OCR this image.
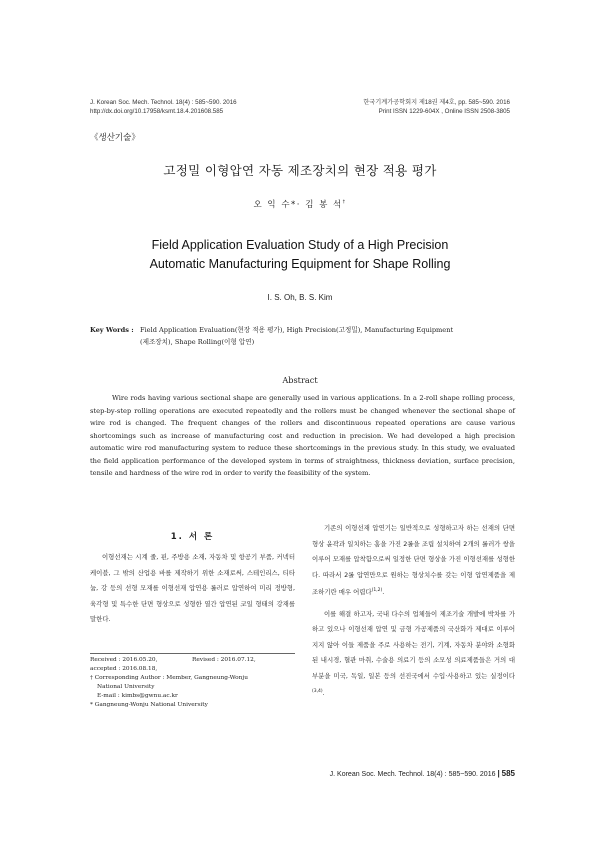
J. Korean Soc. Mech. Technol. 18(4) : 585~590. 2016
http://dx.doi.org/10.17958/ksmt.18.4.201608.585
한국기계가공학회지 제18권 제4호, pp. 585~590. 2016
Print ISSN 1229-604X , Online ISSN 2508-3805
《생산기술》
고정밀 이형압연 자동 제조장치의 현장 적용 평가
오 익 수*· 김 봉 석†
Field Application Evaluation Study of a High Precision
Automatic Manufacturing Equipment for Shape Rolling
I. S. Oh, B. S. Kim
Key Words : Field Application Evaluation(현장 적용 평가), High Precision(고정밀), Manufacturing Equipment
(제조장치), Shape Rolling(이형 압연)
Abstract

Wire rods having various sectional shape are generally used in various applications. In a 2-roll shape rolling process, step-by-step rolling operations are executed repeatedly and the rollers must be changed whenever the sectional shape of wire rod is changed. The frequent changes of the rollers and discontinuous repeated operations are cause various shortcomings such as increase of manufacturing cost and reduction in precision. We had developed a high precision automatic wire rod manufacturing system to reduce these shortcomings in the previous study. In this study, we evaluated the field application performance of the developed system in terms of straightness, thickness deviation, surface precision, tensile and hardness of the wire rod in order to verify the feasibility of the system.

1. 서 론

이형선재는 시계 줄, 핀, 주방용 소재, 자동차 및 항공기 부품, 커넥터 케이블, 그 밖의 산업용 바를 제작하기 위한 소재로써, 스테인리스, 티타늄, 강 등의 선형 모재를 이형선재 압연용 롤러로 압연하여 미리 정방형, 육각형 및 특수한 단면 형상으로 성형한 열간 압연된 코일 형태의 강재를 말한다.

Received : 2016.05.20,	Revised : 2016.07.12,
accepted : 2016.08.18,
† Corresponding Author : Member, Gangneung-Wonju
National University
E-mail : kimbs@gwnu.ac.kr
* Gangneung-Wonju National University

기존의 이형선재 압연기는 일반적으로 성형하고자 하는 선재의 단면형상 윤곽과 일치하는 홈을 가진 2롤을 조립 설치하여 2개의 롤러가 쌍을 이루어 모재를 압착함으로써 일정한 단면 형상을 가진 이형선재를 성형한다. 따라서 2롤 압연만으로 원하는 형상치수를 갖는 이형 압연제품을 제조하기란 매우 어렵다$^{(1,2)}$.

이를 해결 하고자, 국내 다수의 업체들이 제조기술 개발에 박차를 가하고 있으나 이형선재 압연 및 금형 가공제품의 국산화가 제대로 이루어지지 않아 이들 제품을 주로 사용하는 전기, 기계, 자동차 분야와 소형화된 내시경, 혈관 마취, 수술용 의료기 등의 소모성 의료제품들은 거의 대부분을 미국, 독일, 일본 등의 선진국에서 수입·사용하고 있는 실정이다$^{(3,4)}$.

J. Korean Soc. Mech. Technol. 18(4) : 585~590. 2016 | 585
